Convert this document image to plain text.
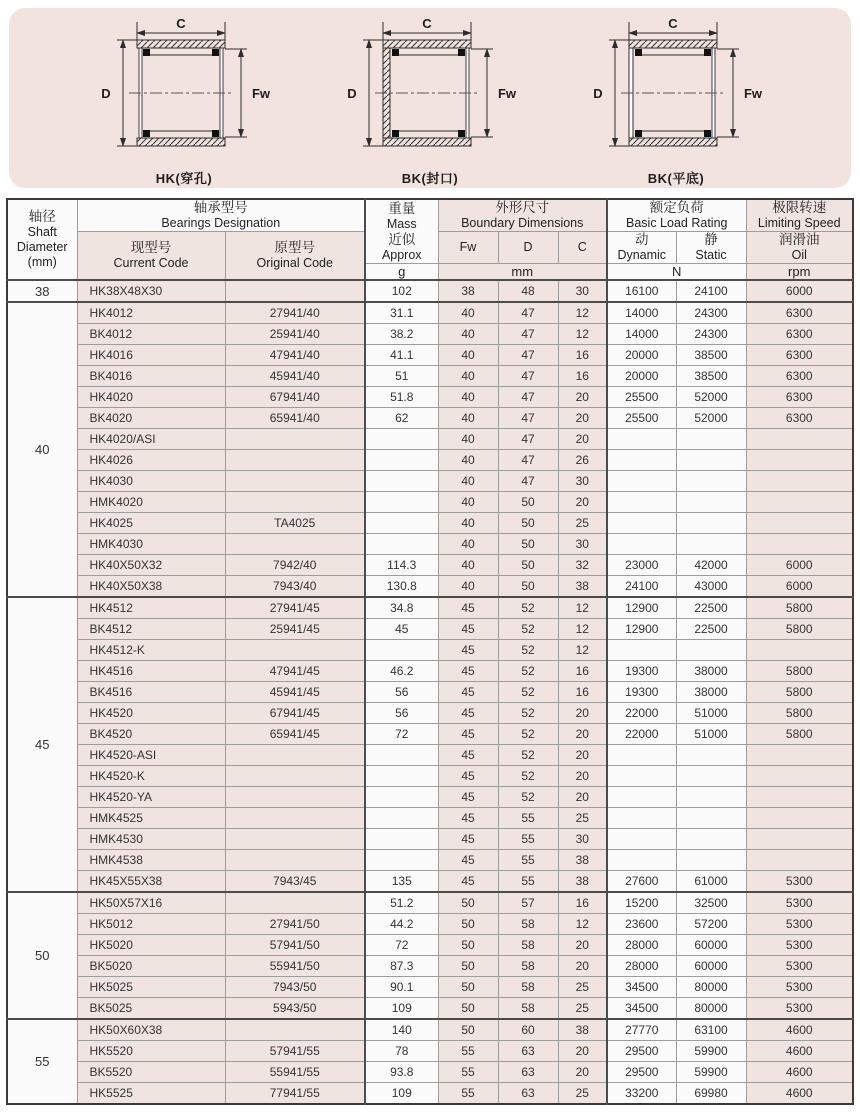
C
D	Fw
HK(穿孔)
C
D	Fw
BK(封口)
C
D	Fw
BK(平底)
轴径
Shaft
Diameter
(mm)

轴承型号
Bearings Designation

重量
Mass
近似
Approx

外形尺寸
Boundary Dimensions

额定负荷
Basic Load Rating

极限转速
Limiting Speed

现型号
Current Code

原型号
Original Code

Fw	D	C	动
Dynamic

静
Static

润滑油
Oil

			g	mm			N		rpm

38	HK38X48X30		102	38	48	30	16100	24100	6000
40	HK4012	27941/40	31.1	40	47	12	14000	24300	6300
	BK4012	25941/40	38.2	40	47	12	14000	24300	6300
	HK4016	47941/40	41.1	40	47	16	20000	38500	6300
	BK4016	45941/40	51	40	47	16	20000	38500	6300
	HK4020	67941/40	51.8	40	47	20	25500	52000	6300
	BK4020	65941/40	62	40	47	20	25500	52000	6300
	HK4020/ASI			40	47	20			
	HK4026			40	47	26			
	HK4030			40	47	30			
	HMK4020			40	50	20			
	HK4025	TA4025		40	50	25			
	HMK4030			40	50	30			
	HK40X50X32	7942/40	114.3	40	50	32	23000	42000	6000
	HK40X50X38	7943/40	130.8	40	50	38	24100	43000	6000
45	HK4512	27941/45	34.8	45	52	12	12900	22500	5800
	BK4512	25941/45	45	45	52	12	12900	22500	5800
	HK4512-K			45	52	12			
	HK4516	47941/45	46.2	45	52	16	19300	38000	5800
	BK4516	45941/45	56	45	52	16	19300	38000	5800
	HK4520	67941/45	56	45	52	20	22000	51000	5800
	BK4520	65941/45	72	45	52	20	22000	51000	5800
	HK4520-ASI			45	52	20			
	HK4520-K			45	52	20			
	HK4520-YA			45	52	20			
	HMK4525			45	55	25			
	HMK4530			45	55	30			
	HMK4538			45	55	38			
	HK45X55X38	7943/45	135	45	55	38	27600	61000	5300
50	HK50X57X16		51.2	50	57	16	15200	32500	5300
	HK5012	27941/50	44.2	50	58	12	23600	57200	5300
	HK5020	57941/50	72	50	58	20	28000	60000	5300
	BK5020	55941/50	87.3	50	58	20	28000	60000	5300
	HK5025	7943/50	90.1	50	58	25	34500	80000	5300
	BK5025	5943/50	109	50	58	25	34500	80000	5300
55	HK50X60X38		140	50	60	38	27770	63100	4600
	HK5520	57941/55	78	55	63	20	29500	59900	4600
	BK5520	55941/55	93.8	55	63	20	29500	59900	4600
	HK5525	77941/55	109	55	63	25	33200	69980	4600
